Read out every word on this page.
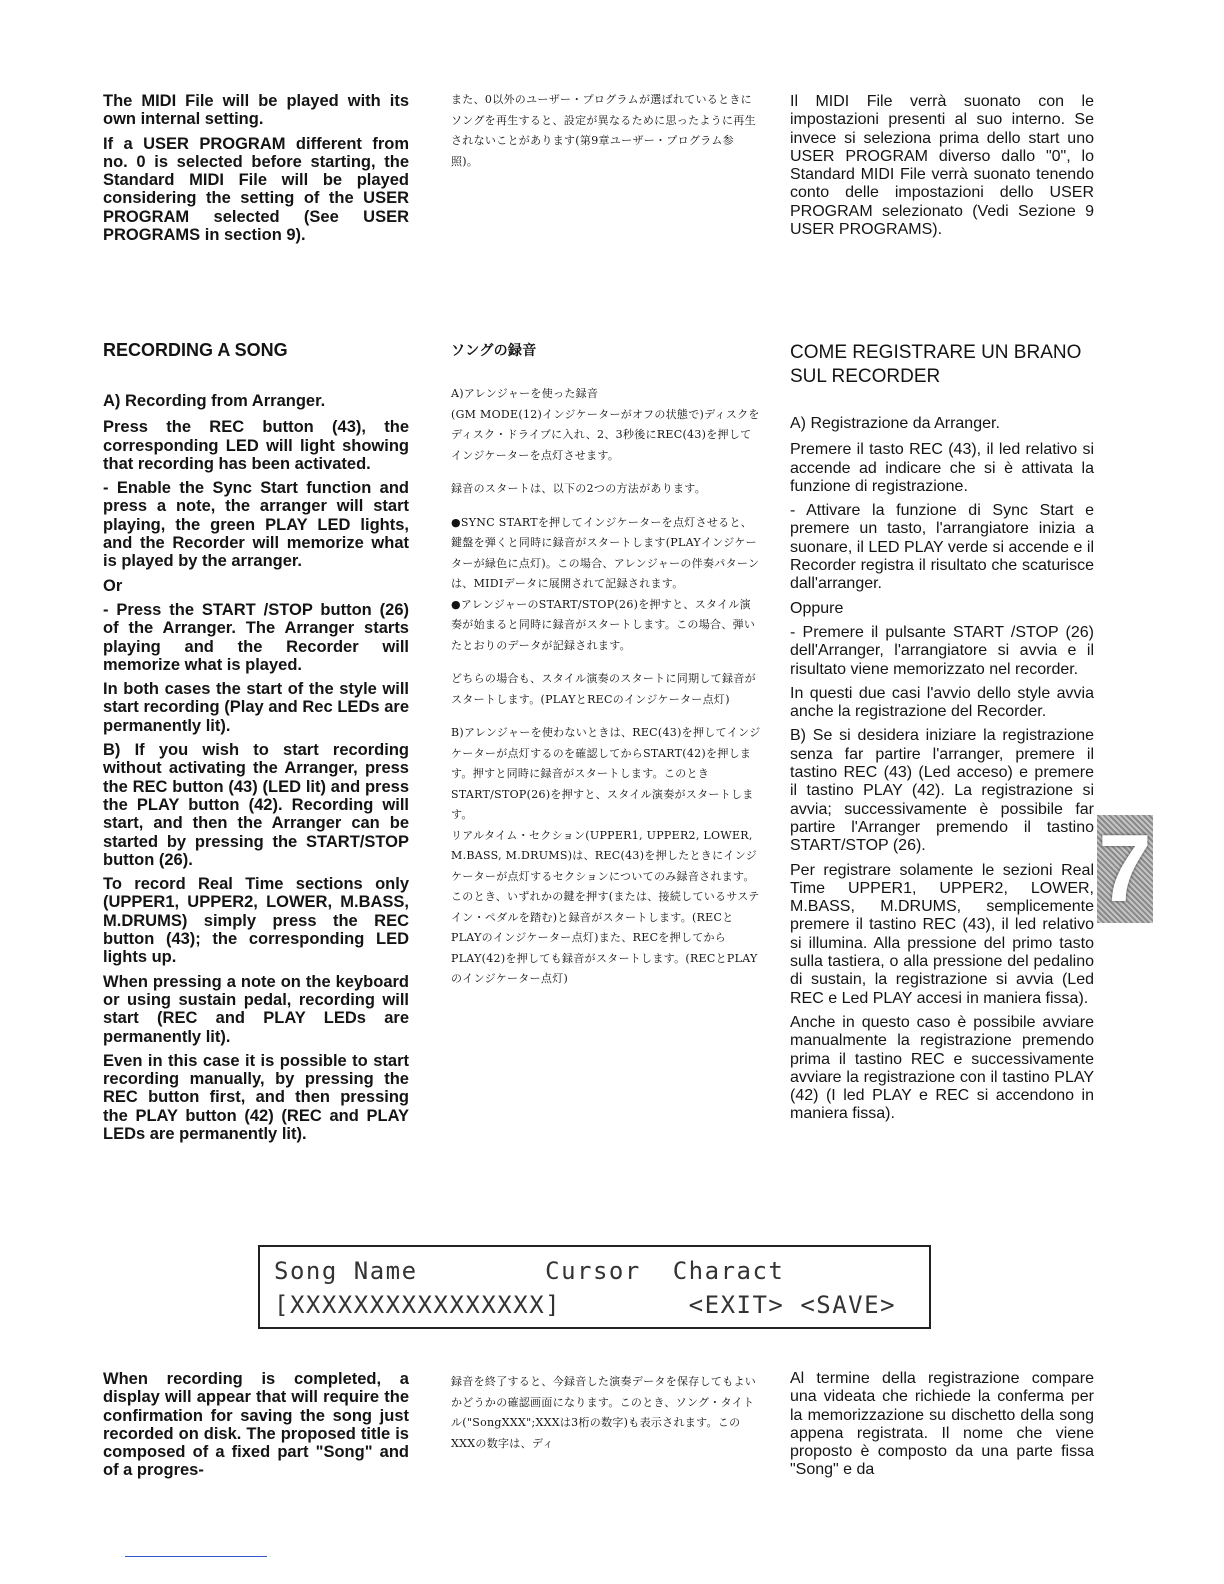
The MIDI File will be played with its own internal setting.

If a USER PROGRAM different from no. 0 is selected before starting, the Standard MIDI File will be played considering the setting of the USER PROGRAM selected (See USER PROGRAMS in section 9).

また、0以外のユーザー・プログラムが選ばれているときにソングを再生すると、設定が異なるために思ったように再生されないことがあります(第9章ユーザー・プログラム参照)。

Il MIDI File verrà suonato con le impostazioni presenti al suo interno. Se invece si seleziona prima dello start uno USER PROGRAM diverso dallo "0", lo Standard MIDI File verrà suonato tenendo conto delle impostazioni dello USER PROGRAM selezionato (Vedi Sezione 9 USER PROGRAMS).

RECORDING A SONG	ソングの録音	COME REGISTRARE UN BRANO SUL RECORDER

A) Recording from Arranger.

Press the REC button (43), the corresponding LED will light showing that recording has been activated.

- Enable the Sync Start function and press a note, the arranger will start playing, the green PLAY LED lights, and the Recorder will memorize what is played by the arranger.

Or

- Press the START /STOP button (26) of the Arranger. The Arranger starts playing and the Recorder will memorize what is played.

In both cases the start of the style will start recording (Play and Rec LEDs are permanently lit).

B) If you wish to start recording without activating the Arranger, press the REC button (43) (LED lit) and press the PLAY button (42). Recording will start, and then the Arranger can be started by pressing the START/STOP button (26).

To record Real Time sections only (UPPER1, UPPER2, LOWER, M.BASS, M.DRUMS) simply press the REC button (43); the corresponding LED lights up.

When pressing a note on the keyboard or using sustain pedal, recording will start (REC and PLAY LEDs are permanently lit).

Even in this case it is possible to start recording manually, by pressing the REC button first, and then pressing the PLAY button (42) (REC and PLAY LEDs are permanently lit).

A)アレンジャーを使った録音

(GM MODE(12)インジケーターがオフの状態で)ディスクをディスク・ドライブに入れ、2、3秒後にREC(43)を押してインジケーターを点灯させます。

録音のスタートは、以下の2つの方法があります。

●SYNC STARTを押してインジケーターを点灯させると、鍵盤を弾くと同時に録音がスタートします(PLAYインジケーターが緑色に点灯)。この場合、アレンジャーの伴奏パターンは、MIDIデータに展開されて記録されます。

●アレンジャーのSTART/STOP(26)を押すと、スタイル演奏が始まると同時に録音がスタートします。この場合、弾いたとおりのデータが記録されます。

どちらの場合も、スタイル演奏のスタートに同期して録音がスタートします。(PLAYとRECのインジケーター点灯)

B)アレンジャーを使わないときは、REC(43)を押してインジケーターが点灯するのを確認してからSTART(42)を押します。押すと同時に録音がスタートします。このときSTART/STOP(26)を押すと、スタイル演奏がスタートします。

リアルタイム・セクション(UPPER1, UPPER2, LOWER, M.BASS, M.DRUMS)は、REC(43)を押したときにインジケーターが点灯するセクションについてのみ録音されます。

このとき、いずれかの鍵を押す(または、接続しているサステイン・ペダルを踏む)と録音がスタートします。(RECとPLAYのインジケーター点灯)また、RECを押してからPLAY(42)を押しても録音がスタートします。(RECとPLAYのインジケーター点灯)

A) Registrazione da Arranger.

Premere il tasto REC (43), il led relativo si accende ad indicare che si è attivata la funzione di registrazione.

- Attivare la funzione di Sync Start e premere un tasto, l'arrangiatore inizia a suonare, il LED PLAY verde si accende e il Recorder registra il risultato che scaturisce dall'arranger.

Oppure

- Premere il pulsante START /STOP (26) dell'Arranger, l'arrangiatore si avvia e il risultato viene memorizzato nel recorder.

In questi due casi l'avvio dello style avvia anche la registrazione del Recorder.

B) Se si desidera iniziare la registrazione senza far partire l'arranger, premere il tastino REC (43) (Led acceso) e premere il tastino PLAY (42). La registrazione si avvia; successivamente è possibile far partire l'Arranger premendo il tastino START/STOP (26).

Per registrare solamente le sezioni Real Time UPPER1, UPPER2, LOWER, M.BASS, M.DRUMS, semplicemente premere il tastino REC (43), il led relativo si illumina. Alla pressione del primo tasto sulla tastiera, o alla pressione del pedalino di sustain, la registrazione si avvia (Led REC e Led PLAY accesi in maniera fissa).

Anche in questo caso è possibile avviare manualmente la registrazione premendo prima il tastino REC e successivamente avviare la registrazione con il tastino PLAY (42) (I led PLAY e REC si accendono in maniera fissa).

7
Song Name        Cursor  Charact
[XXXXXXXXXXXXXXXX]        <EXIT> <SAVE>

When recording is completed, a display will appear that will require the confirmation for saving the song just recorded on disk. The proposed title is composed of a fixed part "Song" and of a progres-

録音を終了すると、今録音した演奏データを保存してもよいかどうかの確認画面になります。このとき、ソング・タイトル("SongXXX";XXXは3桁の数字)も表示されます。このXXXの数字は、ディ

Al termine della registrazione compare una videata che richiede la conferma per la memorizzazione su dischetto della song appena registrata. Il nome che viene proposto è composto da una parte fissa "Song" e da
